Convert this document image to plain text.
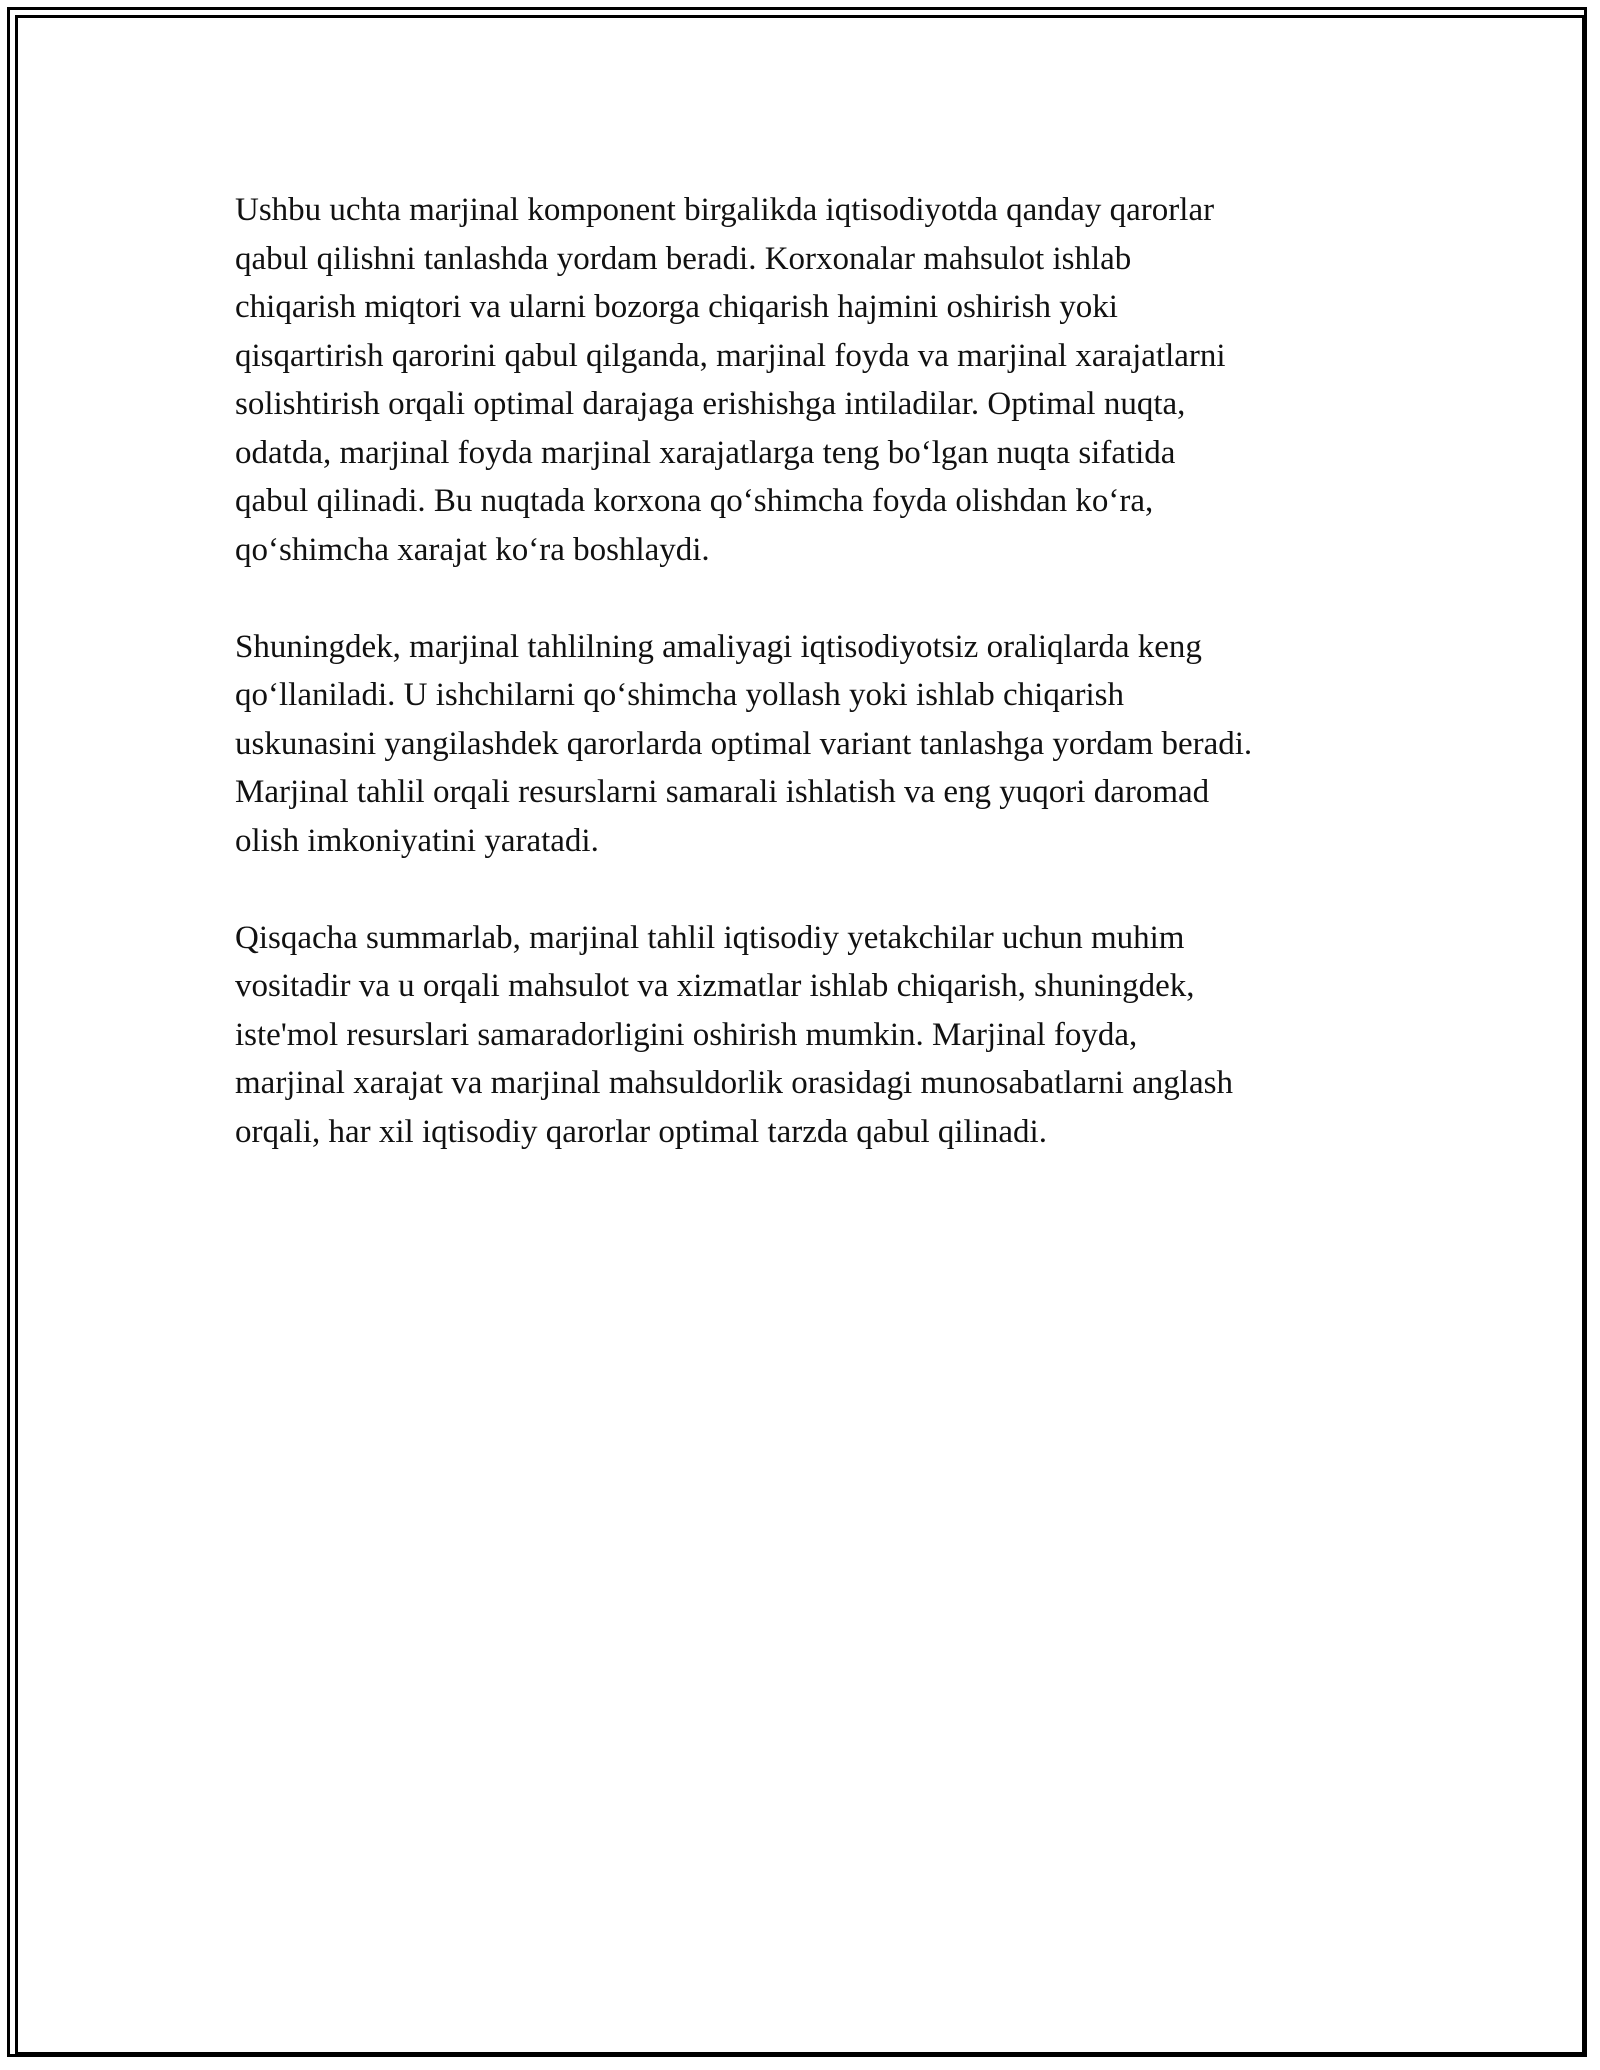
Ushbu uchta marjinal komponent birgalikda iqtisodiyotda qanday qarorlar
qabul qilishni tanlashda yordam beradi. Korxonalar mahsulot ishlab
chiqarish miqtori va ularni bozorga chiqarish hajmini oshirish yoki
qisqartirish qarorini qabul qilganda, marjinal foyda va marjinal xarajatlarni
solishtirish orqali optimal darajaga erishishga intiladilar. Optimal nuqta,
odatda, marjinal foyda marjinal xarajatlarga teng boʻlgan nuqta sifatida
qabul qilinadi. Bu nuqtada korxona qoʻshimcha foyda olishdan koʻra,
qoʻshimcha xarajat koʻra boshlaydi.

Shuningdek, marjinal tahlilning amaliyagi iqtisodiyotsiz oraliqlarda keng
qoʻllaniladi. U ishchilarni qoʻshimcha yollash yoki ishlab chiqarish
uskunasini yangilashdek qarorlarda optimal variant tanlashga yordam beradi.
Marjinal tahlil orqali resurslarni samarali ishlatish va eng yuqori daromad
olish imkoniyatini yaratadi.

Qisqacha summarlab, marjinal tahlil iqtisodiy yetakchilar uchun muhim
vositadir va u orqali mahsulot va xizmatlar ishlab chiqarish, shuningdek,
iste'mol resurslari samaradorligini oshirish mumkin. Marjinal foyda,
marjinal xarajat va marjinal mahsuldorlik orasidagi munosabatlarni anglash
orqali, har xil iqtisodiy qarorlar optimal tarzda qabul qilinadi.
